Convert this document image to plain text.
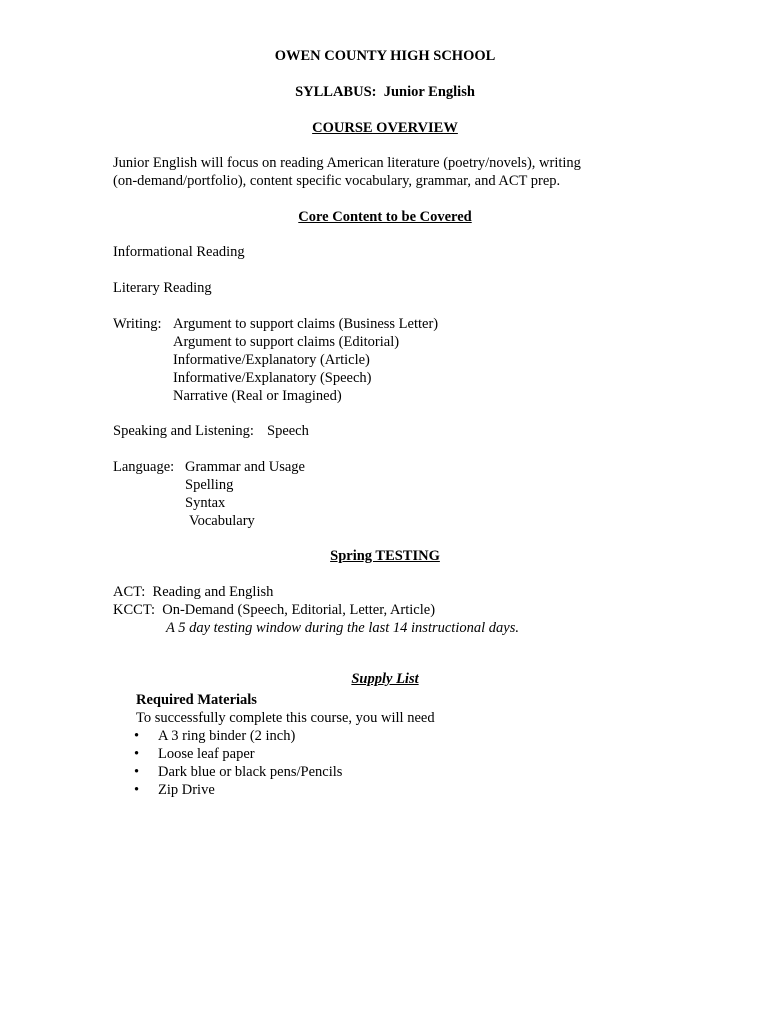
OWEN COUNTY HIGH SCHOOL
SYLLABUS:  Junior English
COURSE OVERVIEW
Junior English will focus on reading American literature (poetry/novels), writing
(on-demand/portfolio), content specific vocabulary, grammar, and ACT prep.
Core Content to be Covered
Informational Reading
Literary Reading
Writing: Argument to support claims (Business Letter)
Argument to support claims (Editorial)
Informative/Explanatory (Article)
Informative/Explanatory (Speech)
Narrative (Real or Imagined)
Speaking and Listening: Speech
Language: Grammar and Usage
Spelling
Syntax
Vocabulary
Spring TESTING
ACT:  Reading and English
KCCT:  On-Demand (Speech, Editorial, Letter, Article)
A 5 day testing window during the last 14 instructional days.
Supply List
Required Materials
To successfully complete this course, you will need
• A 3 ring binder (2 inch)
• Loose leaf paper
• Dark blue or black pens/Pencils
• Zip Drive
